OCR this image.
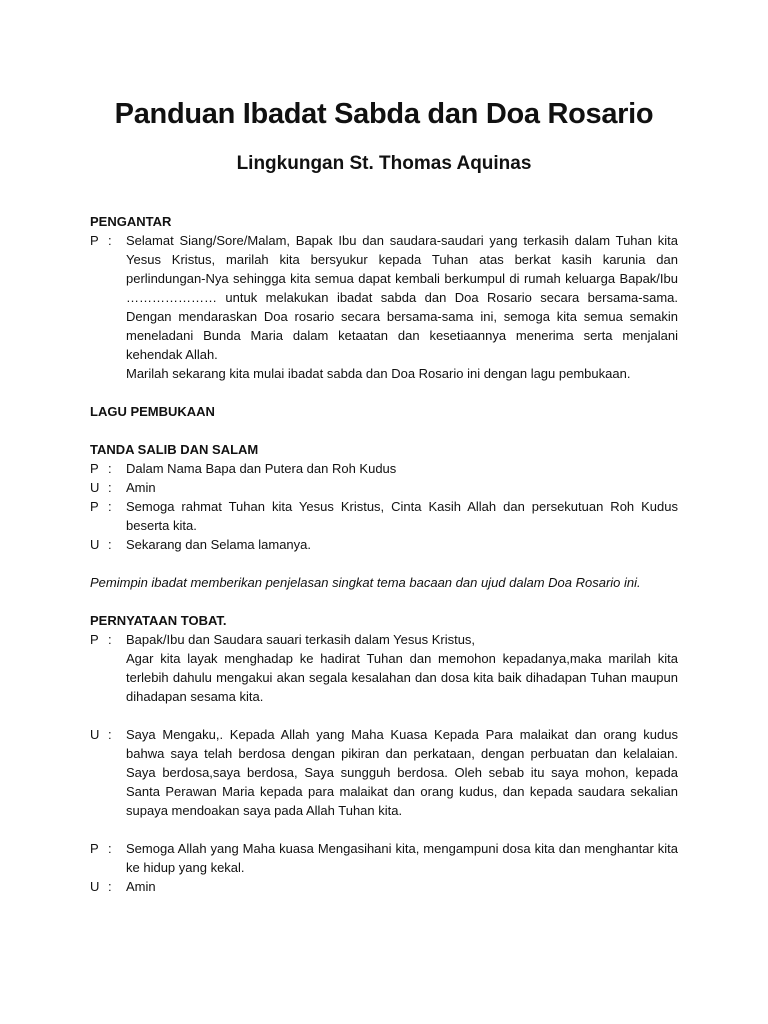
Panduan Ibadat Sabda dan Doa Rosario
Lingkungan St. Thomas Aquinas
PENGANTAR
P :	Selamat Siang/Sore/Malam, Bapak Ibu dan saudara-saudari yang terkasih dalam Tuhan kita Yesus Kristus, marilah kita bersyukur kepada Tuhan atas berkat kasih karunia dan perlindungan-Nya sehingga kita semua dapat kembali berkumpul di rumah keluarga Bapak/Ibu ………………… untuk melakukan ibadat sabda dan Doa Rosario secara bersama-sama. Dengan mendaraskan Doa rosario secara bersama-sama ini, semoga kita semua semakin meneladani Bunda Maria dalam ketaatan dan kesetiaannya menerima serta menjalani kehendak Allah.

Marilah sekarang kita mulai ibadat sabda dan Doa Rosario ini dengan lagu pembukaan.

LAGU PEMBUKAAN
TANDA SALIB DAN SALAM
P :	Dalam Nama Bapa dan Putera dan Roh Kudus
U :	Amin
P :	Semoga rahmat Tuhan kita Yesus Kristus, Cinta Kasih Allah dan persekutuan Roh Kudus beserta kita.
U :	Sekarang dan Selama lamanya.
Pemimpin ibadat memberikan penjelasan singkat tema bacaan dan ujud dalam Doa Rosario ini.
PERNYATAAN TOBAT.
P :	Bapak/Ibu dan Saudara sauari terkasih dalam Yesus Kristus,

Agar kita layak menghadap ke hadirat Tuhan dan memohon kepadanya,maka marilah kita terlebih dahulu mengakui akan segala kesalahan dan dosa kita baik dihadapan Tuhan maupun dihadapan sesama kita.

U :	Saya Mengaku,. Kepada Allah yang Maha Kuasa Kepada Para malaikat dan orang kudus bahwa saya telah berdosa dengan pikiran dan perkataan, dengan perbuatan dan kelalaian. Saya berdosa,saya berdosa, Saya sungguh berdosa. Oleh sebab itu saya mohon, kepada Santa Perawan Maria kepada para malaikat dan orang kudus, dan kepada saudara sekalian supaya mendoakan saya pada Allah Tuhan kita.
P :	Semoga Allah yang Maha kuasa Mengasihani kita, mengampuni dosa kita dan menghantar kita ke hidup yang kekal.
U :	Amin
